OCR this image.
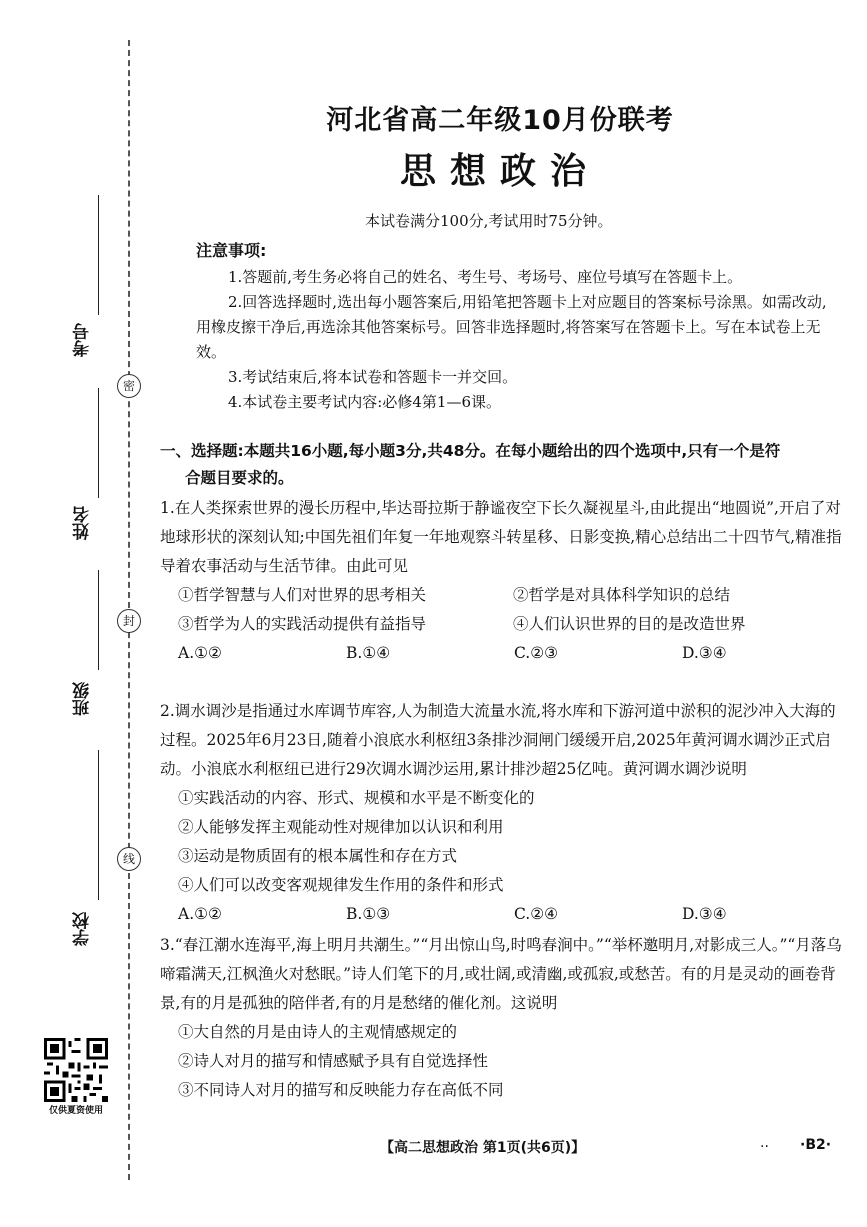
密
封
线
考号
姓名
班级
学校
仅供夏资使用
河北省高二年级10月份联考
思想政治
本试卷满分100分,考试用时75分钟。
注意事项:
1.答题前,考生务必将自己的姓名、考生号、考场号、座位号填写在答题卡上。
2.回答选择题时,选出每小题答案后,用铅笔把答题卡上对应题目的答案标号涂黑。如需改动,用橡皮擦干净后,再选涂其他答案标号。回答非选择题时,将答案写在答题卡上。写在本试卷上无效。
3.考试结束后,将本试卷和答题卡一并交回。
4.本试卷主要考试内容:必修4第1—6课。
一、选择题:本题共16小题,每小题3分,共48分。在每小题给出的四个选项中,只有一个是符
合题目要求的。
1.在人类探索世界的漫长历程中,毕达哥拉斯于静谧夜空下长久凝视星斗,由此提出“地圆说”,开启了对地球形状的深刻认知;中国先祖们年复一年地观察斗转星移、日影变换,精心总结出二十四节气,精准指导着农事活动与生活节律。由此可见
①哲学智慧与人们对世界的思考相关	②哲学是对具体科学知识的总结
③哲学为人的实践活动提供有益指导	④人们认识世界的目的是改造世界
A.①②	B.①④	C.②③	D.③④
2.调水调沙是指通过水库调节库容,人为制造大流量水流,将水库和下游河道中淤积的泥沙冲入大海的过程。2025年6月23日,随着小浪底水利枢纽3条排沙洞闸门缓缓开启,2025年黄河调水调沙正式启动。小浪底水利枢纽已进行29次调水调沙运用,累计排沙超25亿吨。黄河调水调沙说明
①实践活动的内容、形式、规模和水平是不断变化的
②人能够发挥主观能动性对规律加以认识和利用
③运动是物质固有的根本属性和存在方式
④人们可以改变客观规律发生作用的条件和形式
A.①②	B.①③	C.②④	D.③④
3.“春江潮水连海平,海上明月共潮生。”“月出惊山鸟,时鸣春涧中。”“举杯邀明月,对影成三人。”“月落乌啼霜满天,江枫渔火对愁眠。”诗人们笔下的月,或壮阔,或清幽,或孤寂,或愁苦。有的月是灵动的画卷背景,有的月是孤独的陪伴者,有的月是愁绪的催化剂。这说明
①大自然的月是由诗人的主观情感规定的
②诗人对月的描写和情感赋予具有自觉选择性
③不同诗人对月的描写和反映能力存在高低不同
【高二思想政治 第1页(共6页)】	.. ·B2·
